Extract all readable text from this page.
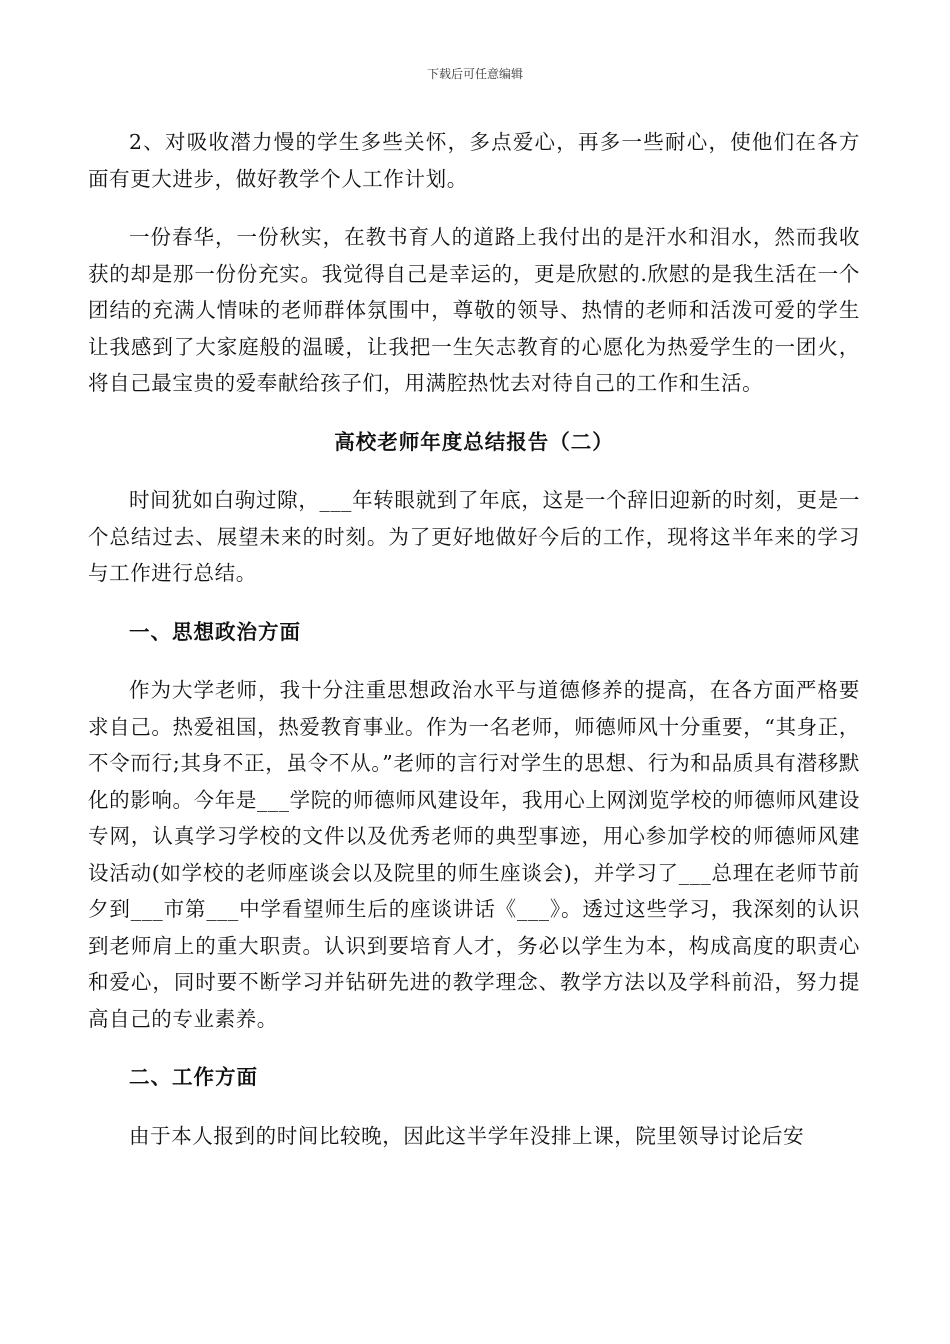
下载后可任意编辑

2、对吸收潜力慢的学生多些关怀，多点爱心，再多一些耐心，使他们在各方面有更大进步，做好教学个人工作计划。

一份春华，一份秋实，在教书育人的道路上我付出的是汗水和泪水，然而我收获的却是那一份份充实。我觉得自己是幸运的，更是欣慰的.欣慰的是我生活在一个团结的充满人情味的老师群体氛围中，尊敬的领导、热情的老师和活泼可爱的学生让我感到了大家庭般的温暖，让我把一生矢志教育的心愿化为热爱学生的一团火，将自己最宝贵的爱奉献给孩子们，用满腔热忱去对待自己的工作和生活。

高校老师年度总结报告（二）

时间犹如白驹过隙，___年转眼就到了年底，这是一个辞旧迎新的时刻，更是一个总结过去、展望未来的时刻。为了更好地做好今后的工作，现将这半年来的学习与工作进行总结。

一、思想政治方面

作为大学老师，我十分注重思想政治水平与道德修养的提高，在各方面严格要求自己。热爱祖国，热爱教育事业。作为一名老师，师德师风十分重要，“其身正，不令而行;其身不正，虽令不从。”老师的言行对学生的思想、行为和品质具有潜移默化的影响。今年是___学院的师德师风建设年，我用心上网浏览学校的师德师风建设专网，认真学习学校的文件以及优秀老师的典型事迹，用心参加学校的师德师风建设活动(如学校的老师座谈会以及院里的师生座谈会)，并学习了___总理在老师节前夕到___市第___中学看望师生后的座谈讲话《___》。透过这些学习，我深刻的认识到老师肩上的重大职责。认识到要培育人才，务必以学生为本，构成高度的职责心和爱心，同时要不断学习并钻研先进的教学理念、教学方法以及学科前沿，努力提高自己的专业素养。

二、工作方面

由于本人报到的时间比较晚，因此这半学年没排上课，院里领导讨论后安
